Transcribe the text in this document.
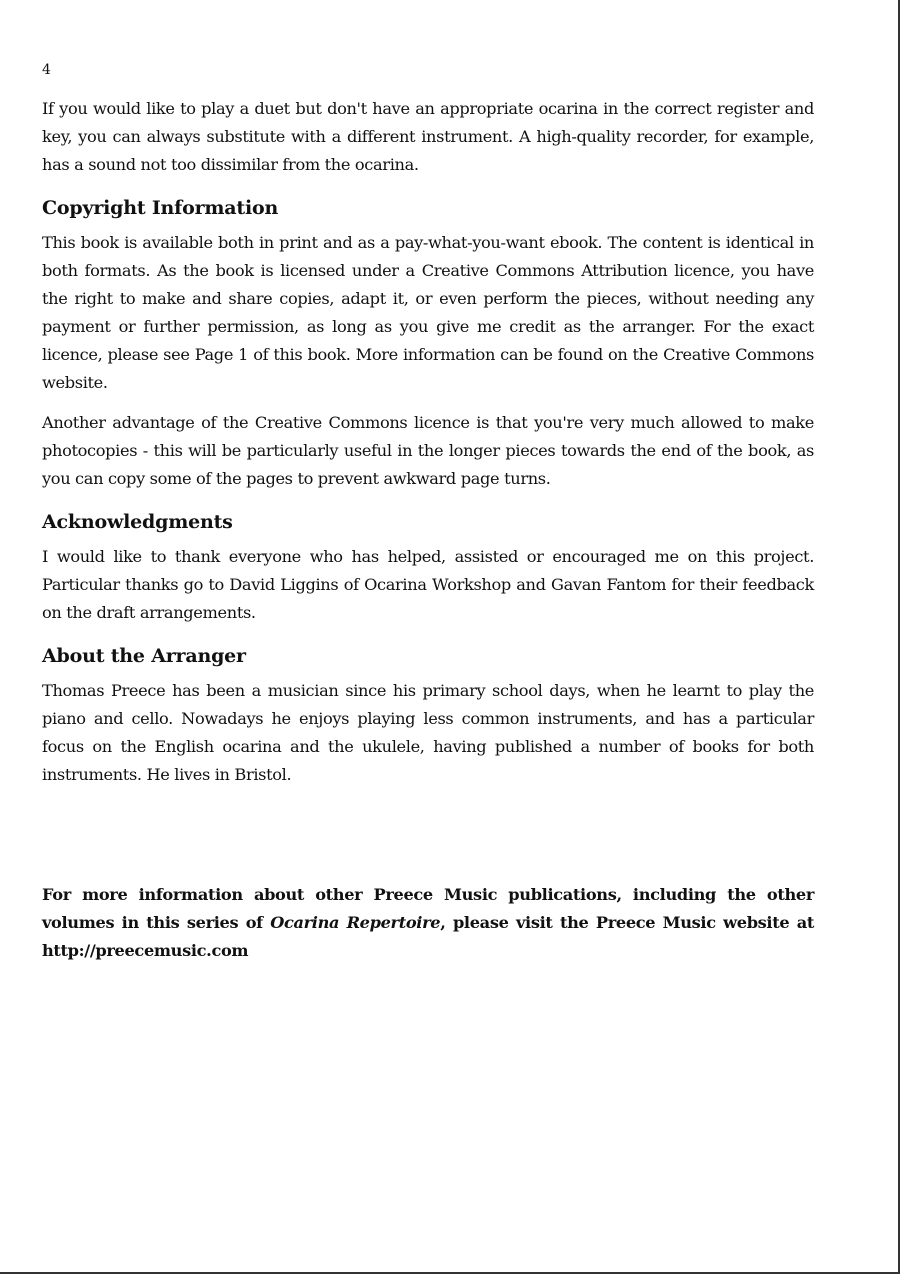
4

If you would like to play a duet but don't have an appropriate ocarina in the correct register and key, you can always substitute with a different instrument. A high-quality recorder, for example, has a sound not too dissimilar from the ocarina.

Copyright Information

This book is available both in print and as a pay-what-you-want ebook. The content is identical in both formats. As the book is licensed under a Creative Commons Attribution licence, you have the right to make and share copies, adapt it, or even perform the pieces, without needing any payment or further permission, as long as you give me credit as the arranger. For the exact licence, please see Page 1 of this book. More information can be found on the Creative Commons website.

Another advantage of the Creative Commons licence is that you're very much allowed to make photocopies - this will be particularly useful in the longer pieces towards the end of the book, as you can copy some of the pages to prevent awkward page turns.

Acknowledgments

I would like to thank everyone who has helped, assisted or encouraged me on this project. Particular thanks go to David Liggins of Ocarina Workshop and Gavan Fantom for their feedback on the draft arrangements.

About the Arranger

Thomas Preece has been a musician since his primary school days, when he learnt to play the piano and cello. Nowadays he enjoys playing less common instruments, and has a particular focus on the English ocarina and the ukulele, having published a number of books for both instruments. He lives in Bristol.

For more information about other Preece Music publications, including the other volumes in this series of Ocarina Repertoire, please visit the Preece Music website at http://preecemusic.com
